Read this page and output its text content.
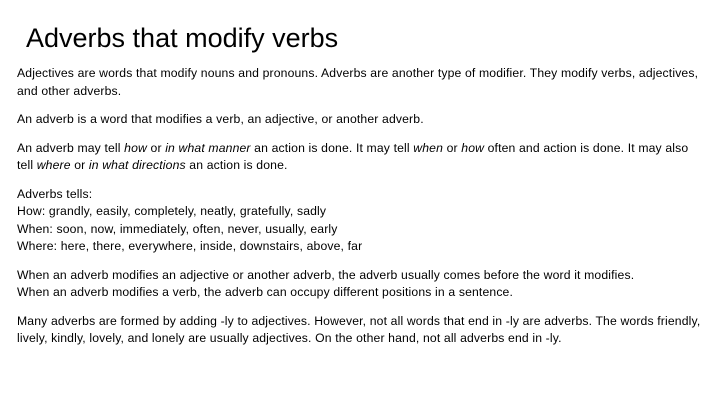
Adverbs that modify verbs

Adjectives are words that modify nouns and pronouns. Adverbs are another type of modifier. They modify verbs, adjectives, and other adverbs.

An adverb is a word that modifies a verb, an adjective, or another adverb.

An adverb may tell how or in what manner an action is done. It may tell when or how often and action is done. It may also tell where or in what directions an action is done.

Adverbs tells:
How: grandly, easily, completely, neatly, gratefully, sadly
When: soon, now, immediately, often, never, usually, early
Where: here, there, everywhere, inside, downstairs, above, far

When an adverb modifies an adjective or another adverb, the adverb usually comes before the word it modifies.
When an adverb modifies a verb, the adverb can occupy different positions in a sentence.

Many adverbs are formed by adding -ly to adjectives. However, not all words that end in -ly are adverbs. The words friendly, lively, kindly, lovely, and lonely are usually adjectives. On the other hand, not all adverbs end in -ly.
